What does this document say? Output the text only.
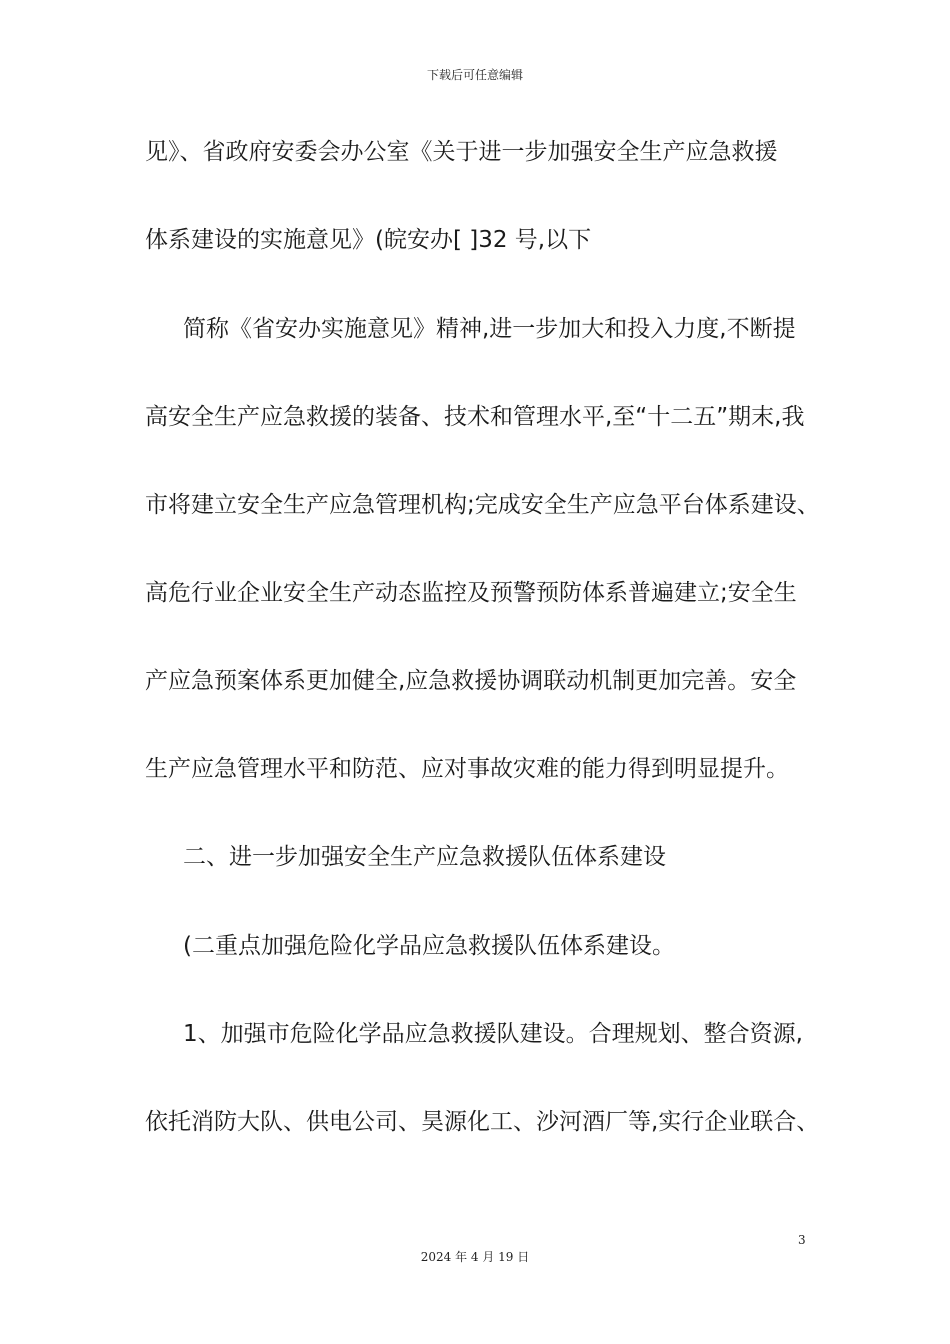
下载后可任意编辑
见》、省政府安委会办公室《关于进一步加强安全生产应急救援
体系建设的实施意见》(皖安办[ ]32 号,以下
简称《省安办实施意见》精神,进一步加大和投入力度,不断提
高安全生产应急救援的装备、技术和管理水平,至“十二五”期末,我
市将建立安全生产应急管理机构;完成安全生产应急平台体系建设、
高危行业企业安全生产动态监控及预警预防体系普遍建立;安全生
产应急预案体系更加健全,应急救援协调联动机制更加完善。安全
生产应急管理水平和防范、应对事故灾难的能力得到明显提升。
二、进一步加强安全生产应急救援队伍体系建设
(二重点加强危险化学品应急救援队伍体系建设。
1、加强市危险化学品应急救援队建设。合理规划、整合资源,
依托消防大队、供电公司、昊源化工、沙河酒厂等,实行企业联合、
3
2024 年 4 月 19 日
